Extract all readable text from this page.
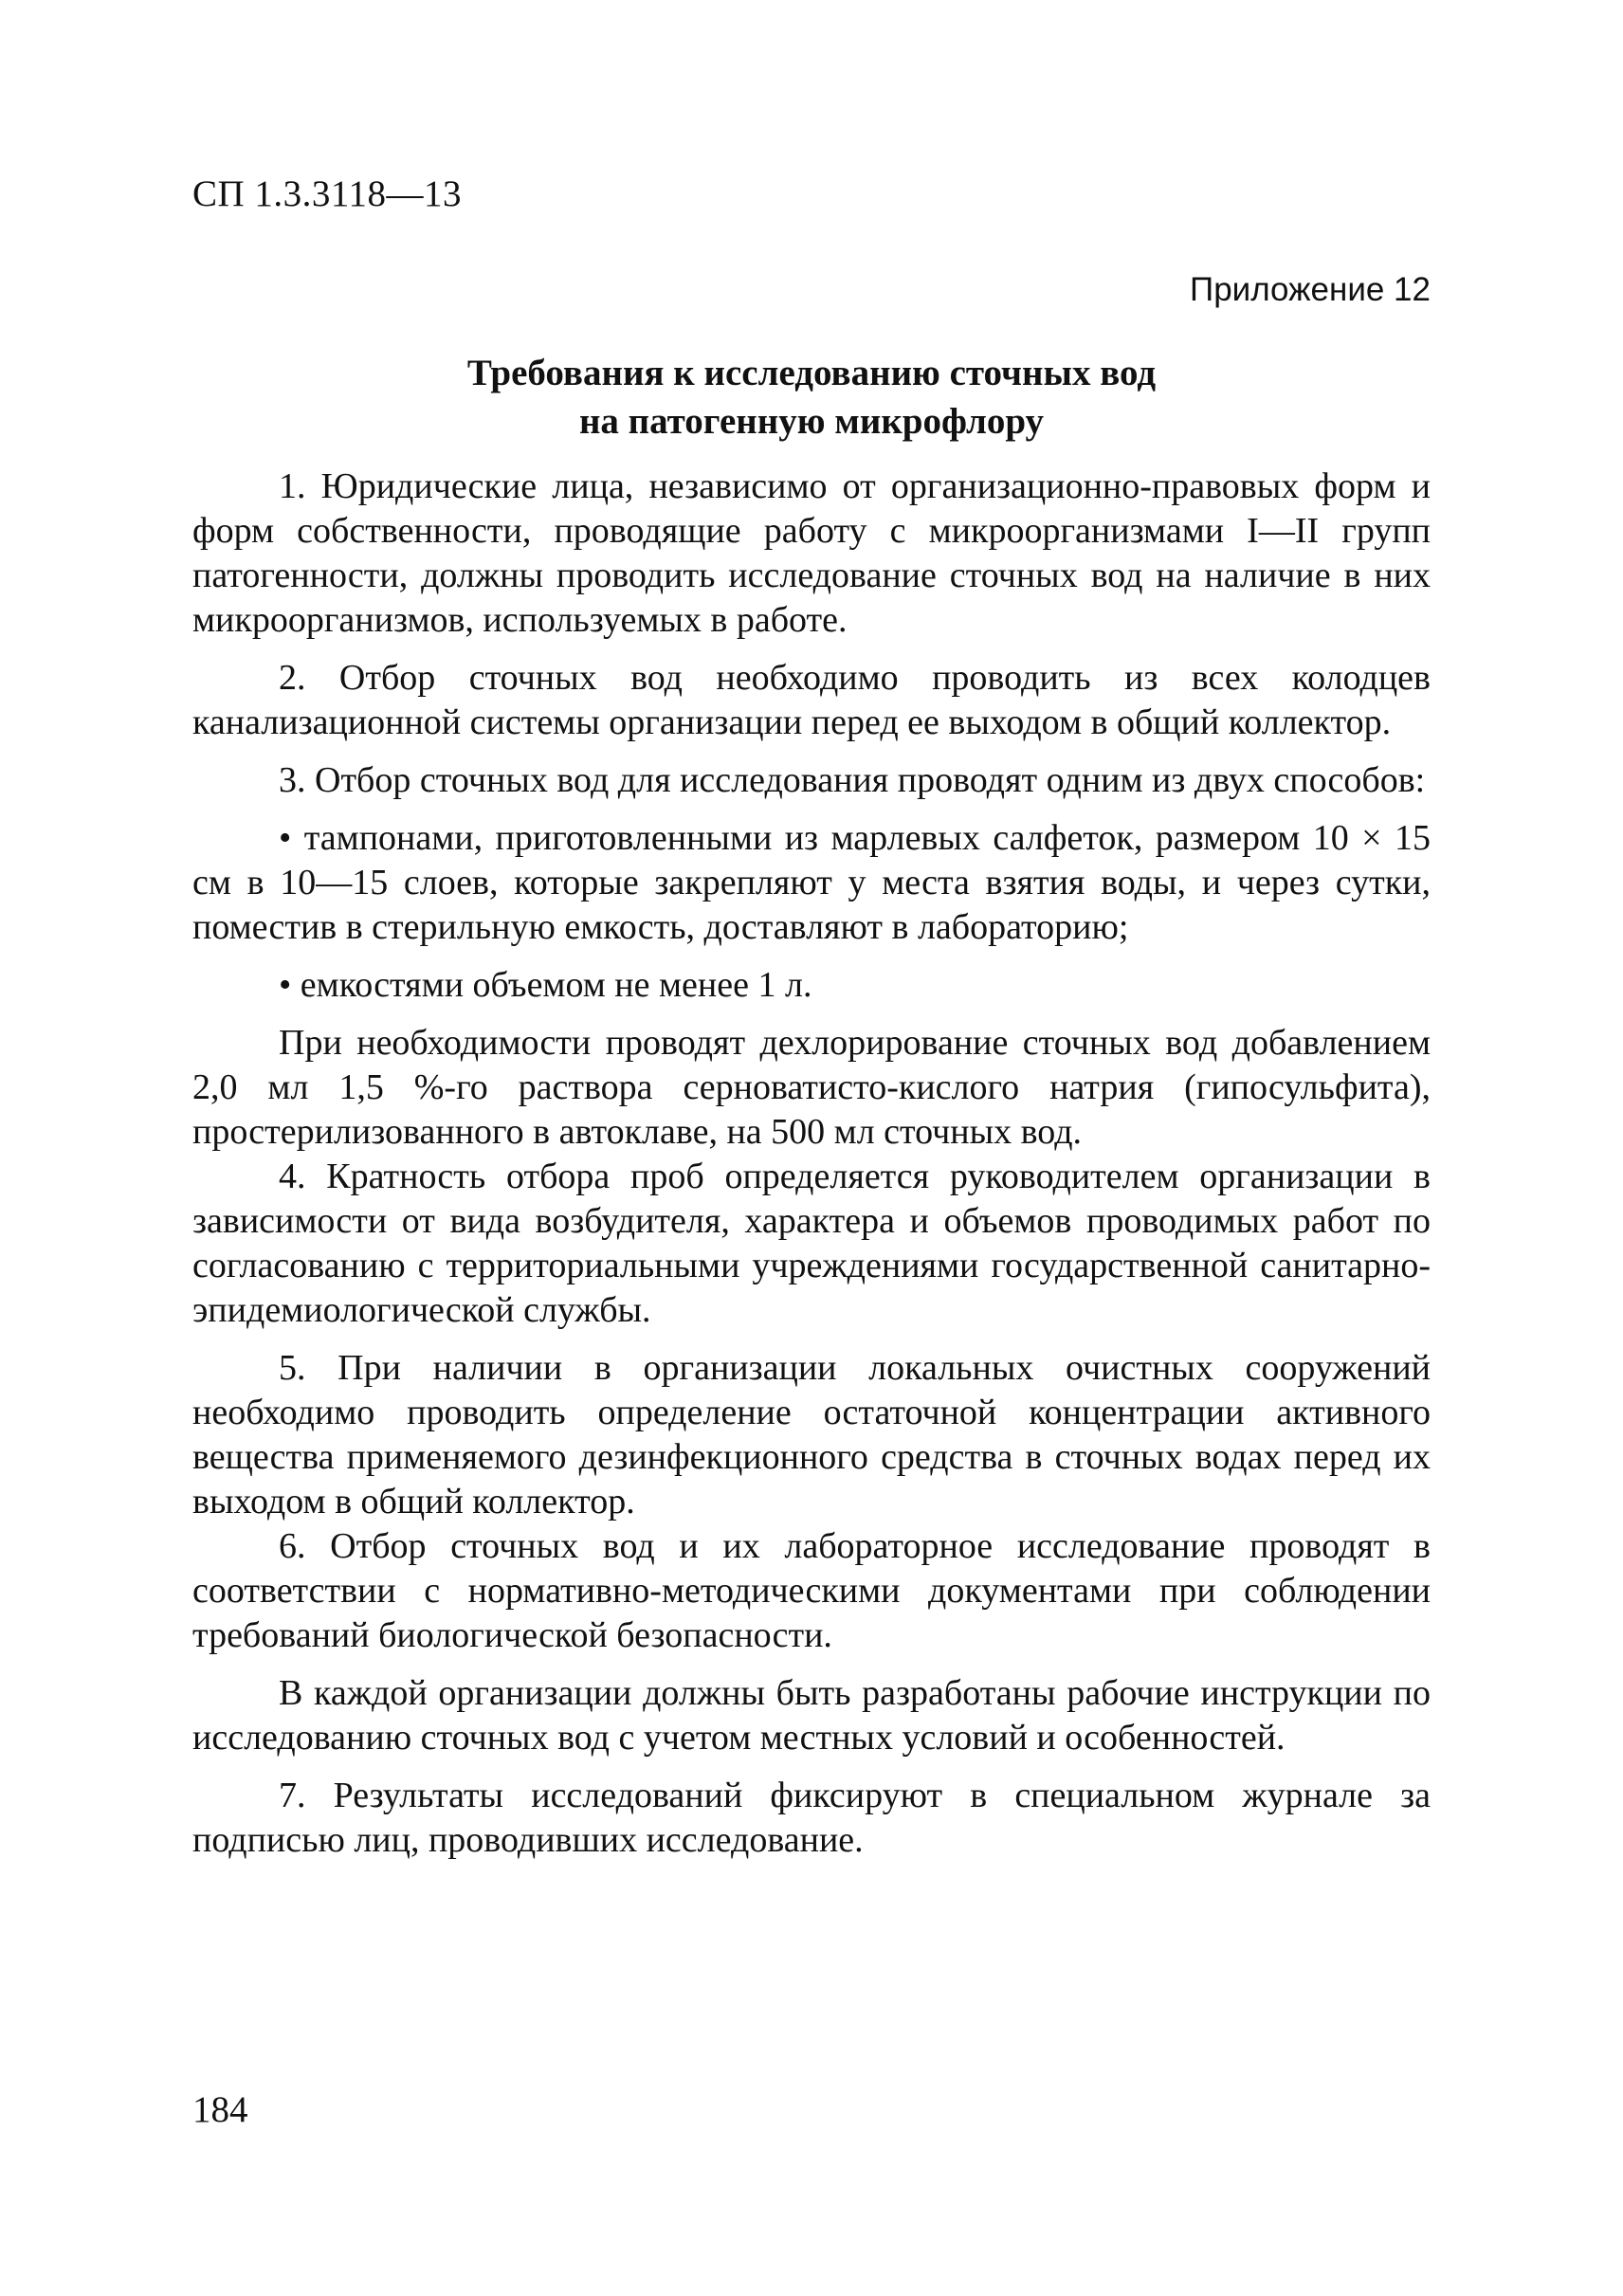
СП 1.3.3118—13
Приложение 12
Требования к исследованию сточных вод
на патогенную микрофлору

1. Юридические лица, независимо от организационно-правовых форм и форм собственности, проводящие работу с микроорганизмами I—II групп патогенности, должны проводить исследование сточных вод на наличие в них микроорганизмов, используемых в работе.

2. Отбор сточных вод необходимо проводить из всех колодцев канализационной системы организации перед ее выходом в общий коллектор.

3. Отбор сточных вод для исследования проводят одним из двух способов:

• тампонами, приготовленными из марлевых салфеток, размером 10 × 15 см в 10—15 слоев, которые закрепляют у места взятия воды, и через сутки, поместив в стерильную емкость, доставляют в лабораторию;

• емкостями объемом не менее 1 л.

При необходимости проводят дехлорирование сточных вод добавлением 2,0 мл 1,5 %-го раствора серноватисто-кислого натрия (гипосульфита), простерилизованного в автоклаве, на 500 мл сточных вод.

4. Кратность отбора проб определяется руководителем организации в зависимости от вида возбудителя, характера и объемов проводимых работ по согласованию с территориальными учреждениями государственной санитарно-эпидемиологической службы.

5. При наличии в организации локальных очистных сооружений необходимо проводить определение остаточной концентрации активного вещества применяемого дезинфекционного средства в сточных водах перед их выходом в общий коллектор.

6. Отбор сточных вод и их лабораторное исследование проводят в соответствии с нормативно-методическими документами при соблюдении требований биологической безопасности.

В каждой организации должны быть разработаны рабочие инструкции по исследованию сточных вод с учетом местных условий и особенностей.

7. Результаты исследований фиксируют в специальном журнале за подписью лиц, проводивших исследование.

184
